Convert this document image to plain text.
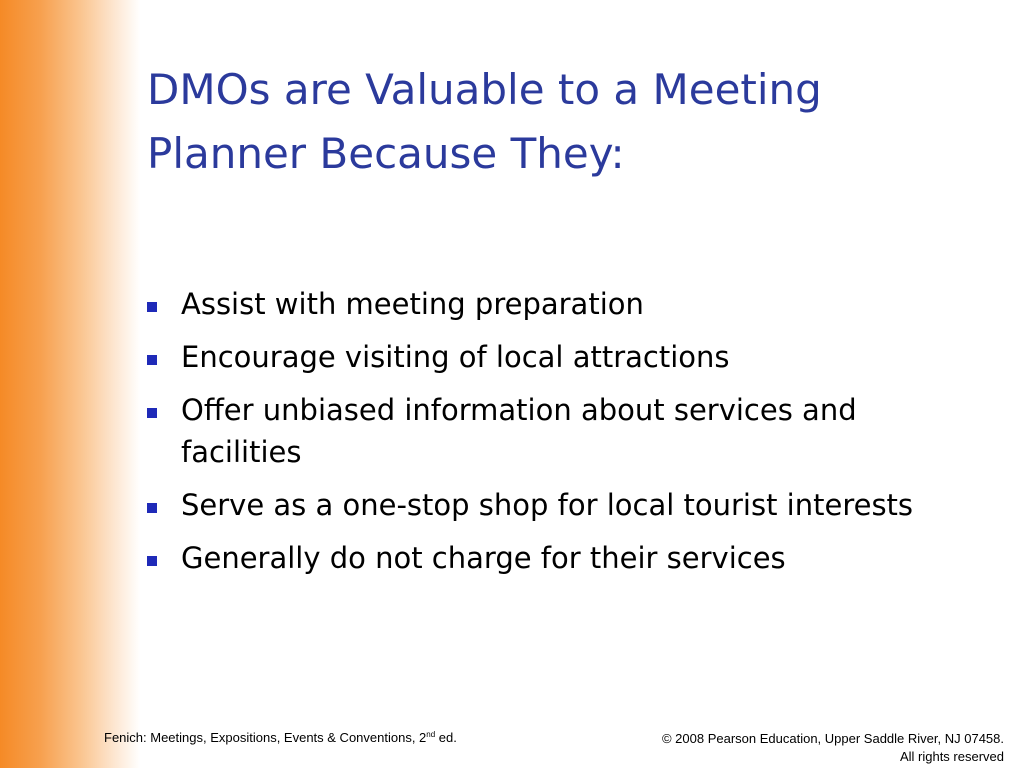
DMOs are Valuable to a Meeting
Planner Because They:
Assist with meeting preparation
Encourage visiting of local attractions
Offer unbiased information about services and facilities
Serve as a one-stop shop for local tourist interests
Generally do not charge for their services
Fenich: Meetings, Expositions, Events & Conventions, 2nd ed.	© 2008 Pearson Education, Upper Saddle River, NJ 07458.
All rights reserved
